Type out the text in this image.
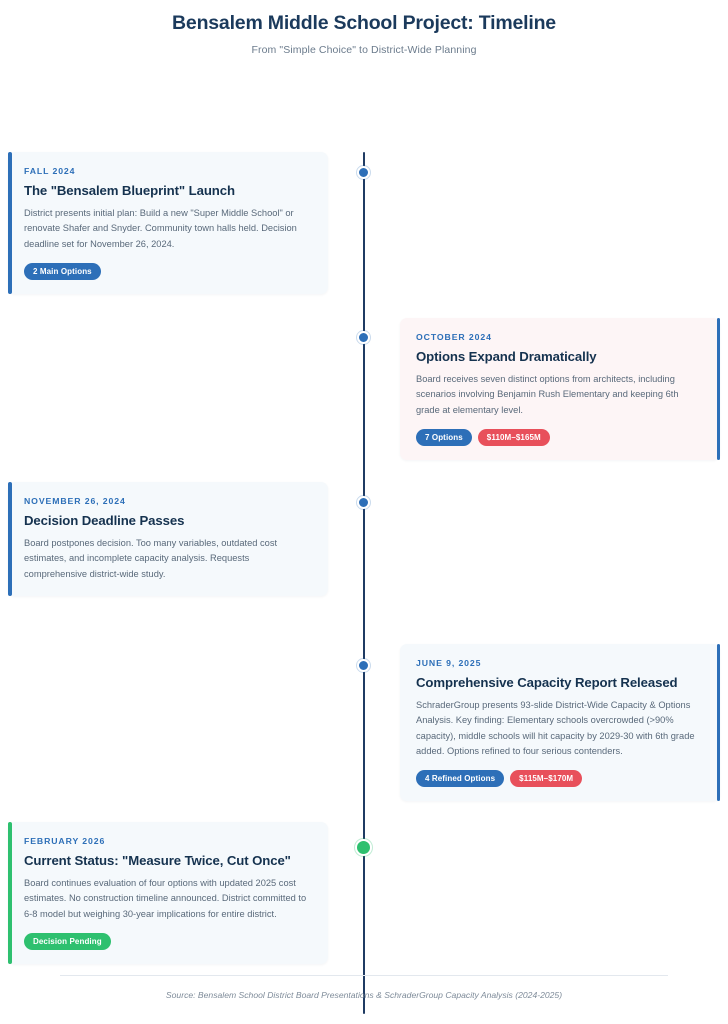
Bensalem Middle School Project: Timeline
From "Simple Choice" to District-Wide Planning
FALL 2024
The "Bensalem Blueprint" Launch
District presents initial plan: Build a new "Super Middle School" or renovate Shafer and Snyder. Community town halls held. Decision deadline set for November 26, 2024.
2 Main Options
OCTOBER 2024
Options Expand Dramatically
Board receives seven distinct options from architects, including scenarios involving Benjamin Rush Elementary and keeping 6th grade at elementary level.
7 Options	$110M–$165M
NOVEMBER 26, 2024
Decision Deadline Passes
Board postpones decision. Too many variables, outdated cost estimates, and incomplete capacity analysis. Requests comprehensive district-wide study.
JUNE 9, 2025
Comprehensive Capacity Report Released
SchraderGroup presents 93-slide District-Wide Capacity & Options Analysis. Key finding: Elementary schools overcrowded (>90% capacity), middle schools will hit capacity by 2029-30 with 6th grade added. Options refined to four serious contenders.
4 Refined Options	$115M–$170M
FEBRUARY 2026
Current Status: "Measure Twice, Cut Once"
Board continues evaluation of four options with updated 2025 cost estimates. No construction timeline announced. District committed to 6-8 model but weighing 30-year implications for entire district.
Decision Pending
Source: Bensalem School District Board Presentations & SchraderGroup Capacity Analysis (2024-2025)
